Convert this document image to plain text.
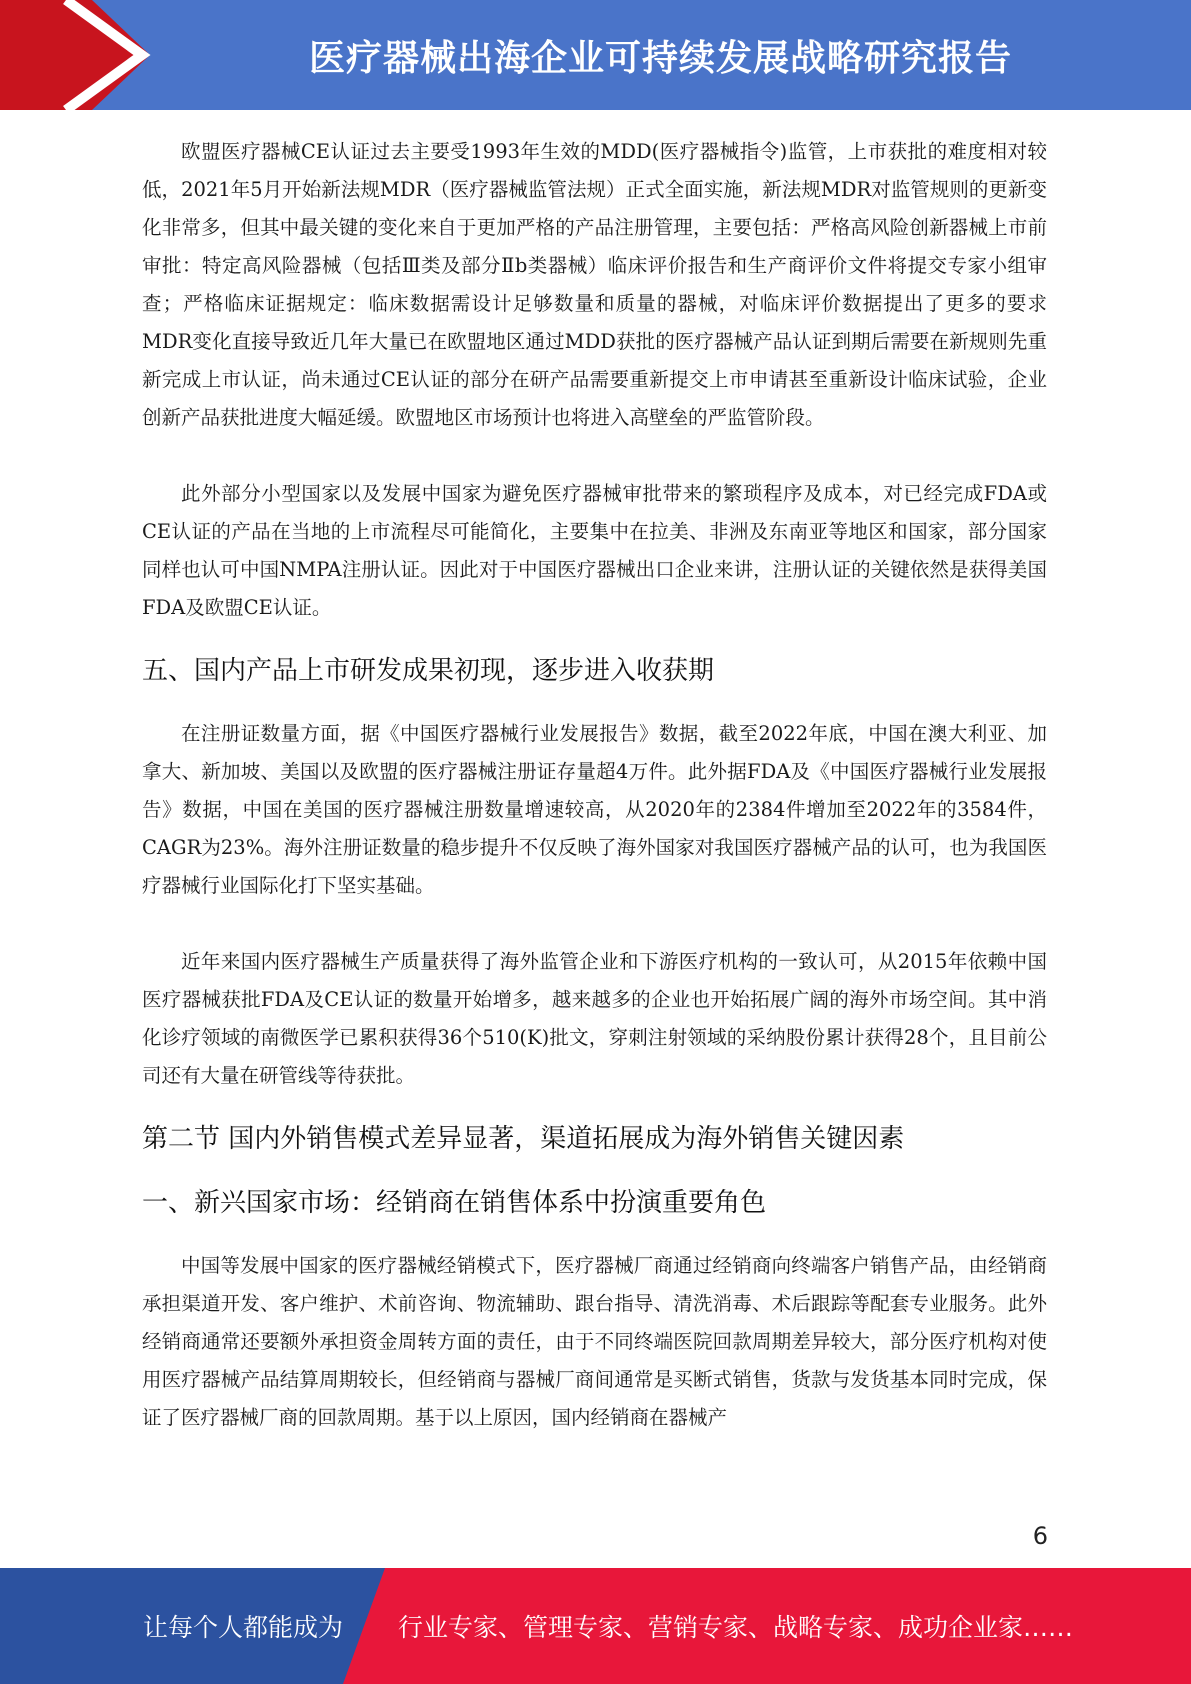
医疗器械出海企业可持续发展战略研究报告

欧盟医疗器械CE认证过去主要受1993年生效的MDD(医疗器械指令)监管，上市获批的难度相对较低，2021年5月开始新法规MDR（医疗器械监管法规）正式全面实施，新法规MDR对监管规则的更新变化非常多，但其中最关键的变化来自于更加严格的产品注册管理，主要包括：严格高风险创新器械上市前审批：特定高风险器械（包括Ⅲ类及部分Ⅱb类器械）临床评价报告和生产商评价文件将提交专家小组审查；严格临床证据规定：临床数据需设计足够数量和质量的器械，对临床评价数据提出了更多的要求MDR变化直接导致近几年大量已在欧盟地区通过MDD获批的医疗器械产品认证到期后需要在新规则先重新完成上市认证，尚未通过CE认证的部分在研产品需要重新提交上市申请甚至重新设计临床试验，企业创新产品获批进度大幅延缓。欧盟地区市场预计也将进入高壁垒的严监管阶段。

此外部分小型国家以及发展中国家为避免医疗器械审批带来的繁琐程序及成本，对已经完成FDA或CE认证的产品在当地的上市流程尽可能简化，主要集中在拉美、非洲及东南亚等地区和国家，部分国家同样也认可中国NMPA注册认证。因此对于中国医疗器械出口企业来讲，注册认证的关键依然是获得美国FDA及欧盟CE认证。

五、国内产品上市研发成果初现，逐步进入收获期

在注册证数量方面，据《中国医疗器械行业发展报告》数据，截至2022年底，中国在澳大利亚、加拿大、新加坡、美国以及欧盟的医疗器械注册证存量超4万件。此外据FDA及《中国医疗器械行业发展报告》数据，中国在美国的医疗器械注册数量增速较高，从2020年的2384件增加至2022年的3584件，CAGR为23%。海外注册证数量的稳步提升不仅反映了海外国家对我国医疗器械产品的认可，也为我国医疗器械行业国际化打下坚实基础。

近年来国内医疗器械生产质量获得了海外监管企业和下游医疗机构的一致认可，从2015年依赖中国医疗器械获批FDA及CE认证的数量开始增多，越来越多的企业也开始拓展广阔的海外市场空间。其中消化诊疗领域的南微医学已累积获得36个510(K)批文，穿刺注射领域的采纳股份累计获得28个，且目前公司还有大量在研管线等待获批。

第二节 国内外销售模式差异显著，渠道拓展成为海外销售关键因素
一、新兴国家市场：经销商在销售体系中扮演重要角色

中国等发展中国家的医疗器械经销模式下，医疗器械厂商通过经销商向终端客户销售产品，由经销商承担渠道开发、客户维护、术前咨询、物流辅助、跟台指导、清洗消毒、术后跟踪等配套专业服务。此外经销商通常还要额外承担资金周转方面的责任，由于不同终端医院回款周期差异较大，部分医疗机构对使用医疗器械产品结算周期较长，但经销商与器械厂商间通常是买断式销售，货款与发货基本同时完成，保证了医疗器械厂商的回款周期。基于以上原因，国内经销商在器械产

6
让每个人都能成为 行业专家、管理专家、营销专家、战略专家、成功企业家……
